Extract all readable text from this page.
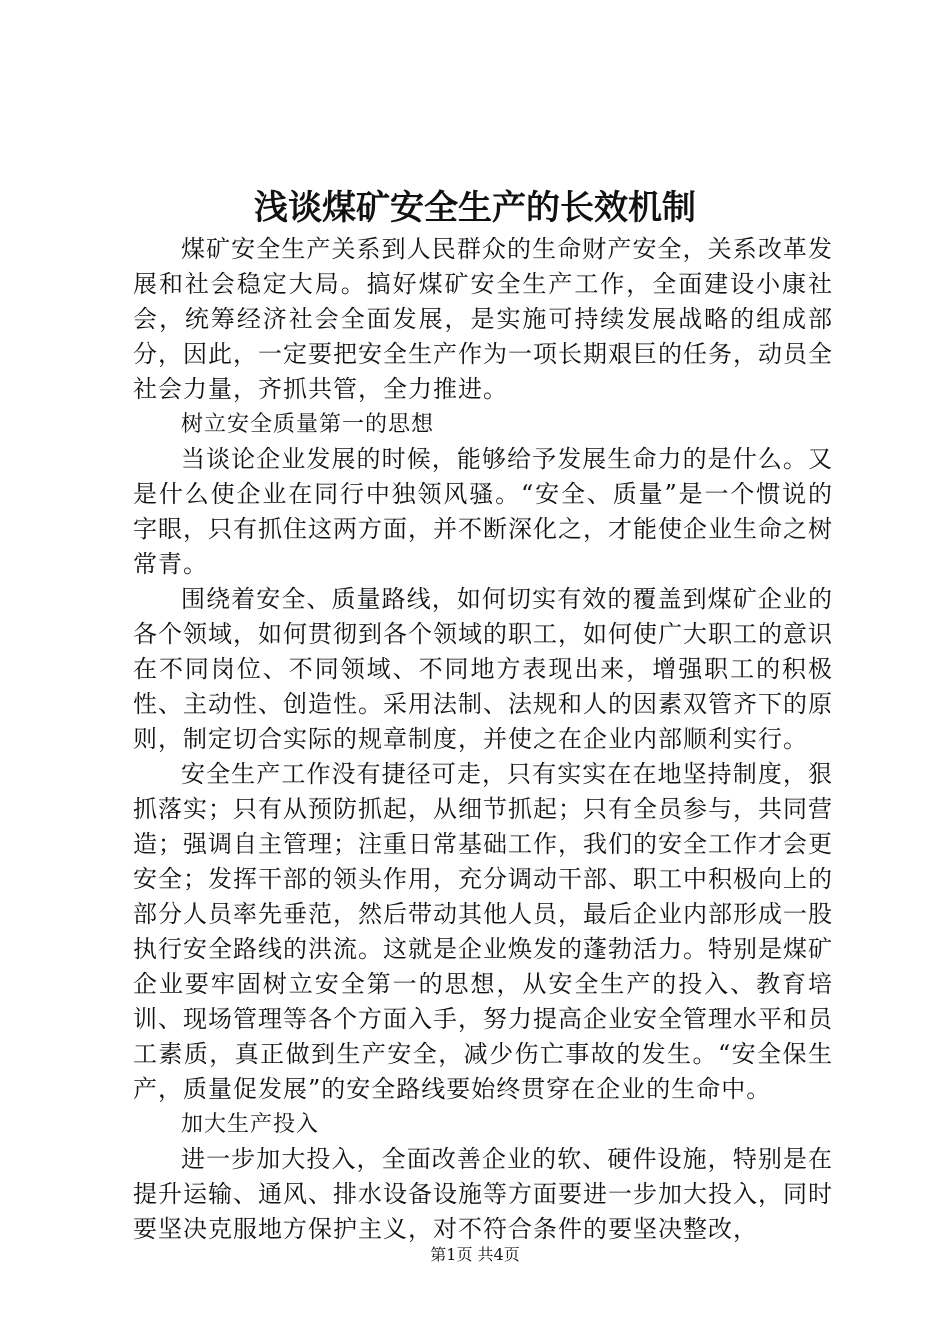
浅谈煤矿安全生产的长效机制

煤矿安全生产关系到人民群众的生命财产安全，关系改革发展和社会稳定大局。搞好煤矿安全生产工作，全面建设小康社会，统筹经济社会全面发展，是实施可持续发展战略的组成部分，因此，一定要把安全生产作为一项长期艰巨的任务，动员全社会力量，齐抓共管，全力推进。

树立安全质量第一的思想

当谈论企业发展的时候，能够给予发展生命力的是什么。又是什么使企业在同行中独领风骚。“安全、质量”是一个惯说的字眼，只有抓住这两方面，并不断深化之，才能使企业生命之树常青。

围绕着安全、质量路线，如何切实有效的覆盖到煤矿企业的各个领域，如何贯彻到各个领域的职工，如何使广大职工的意识在不同岗位、不同领域、不同地方表现出来，增强职工的积极性、主动性、创造性。采用法制、法规和人的因素双管齐下的原则，制定切合实际的规章制度，并使之在企业内部顺利实行。

安全生产工作没有捷径可走，只有实实在在地坚持制度，狠抓落实；只有从预防抓起，从细节抓起；只有全员参与，共同营造；强调自主管理；注重日常基础工作，我们的安全工作才会更安全；发挥干部的领头作用，充分调动干部、职工中积极向上的部分人员率先垂范，然后带动其他人员，最后企业内部形成一股执行安全路线的洪流。这就是企业焕发的蓬勃活力。特别是煤矿企业要牢固树立安全第一的思想，从安全生产的投入、教育培训、现场管理等各个方面入手，努力提高企业安全管理水平和员工素质，真正做到生产安全，减少伤亡事故的发生。“安全保生产，质量促发展”的安全路线要始终贯穿在企业的生命中。

加大生产投入

进一步加大投入，全面改善企业的软、硬件设施，特别是在提升运输、通风、排水设备设施等方面要进一步加大投入，同时要坚决克服地方保护主义，对不符合条件的要坚决整改，

第1页 共4页
